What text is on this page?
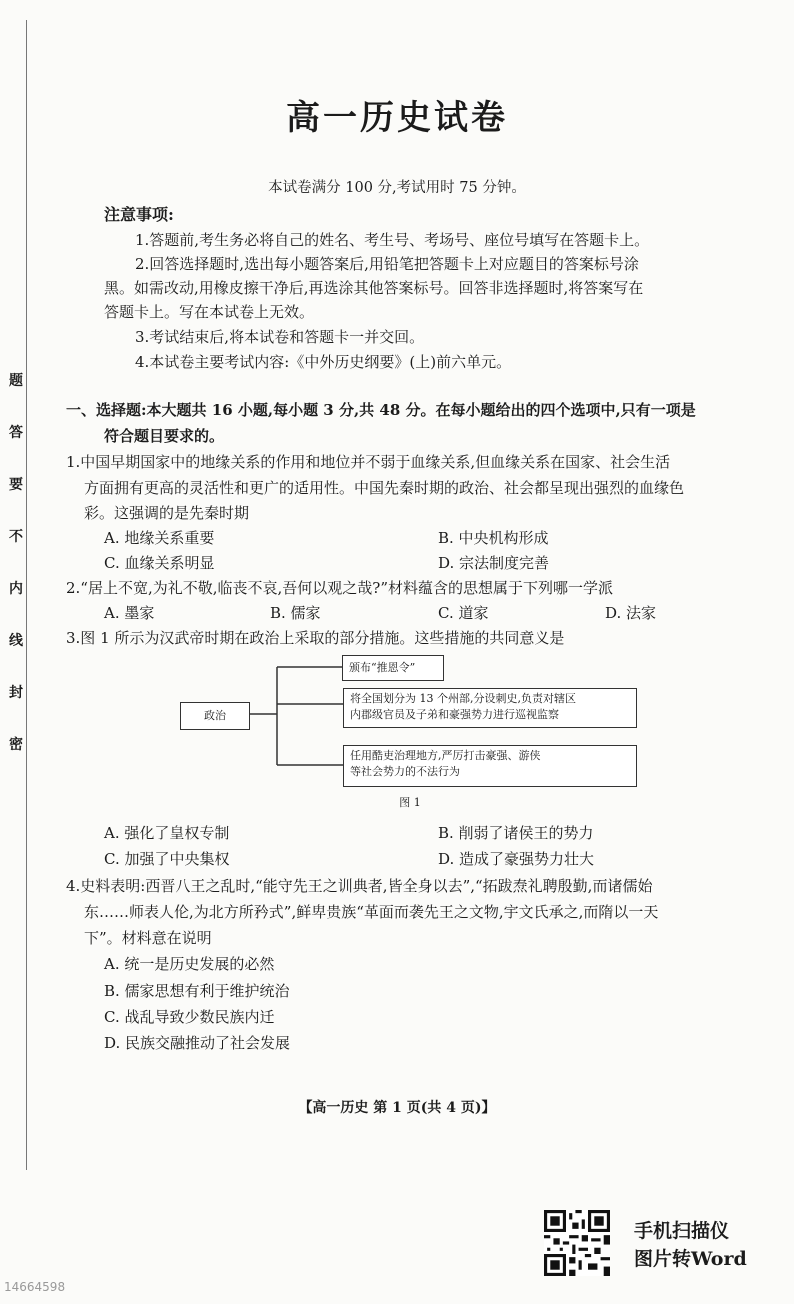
题
答
要
不
内
线
封
密
高一历史试卷
本试卷满分 100 分,考试用时 75 分钟。
注意事项:
1.答题前,考生务必将自己的姓名、考生号、考场号、座位号填写在答题卡上。
2.回答选择题时,选出每小题答案后,用铅笔把答题卡上对应题目的答案标号涂
黑。如需改动,用橡皮擦干净后,再选涂其他答案标号。回答非选择题时,将答案写在
答题卡上。写在本试卷上无效。
3.考试结束后,将本试卷和答题卡一并交回。
4.本试卷主要考试内容:《中外历史纲要》(上)前六单元。
一、选择题:本大题共 16 小题,每小题 3 分,共 48 分。在每小题给出的四个选项中,只有一项是
符合题目要求的。
1.中国早期国家中的地缘关系的作用和地位并不弱于血缘关系,但血缘关系在国家、社会生活
方面拥有更高的灵活性和更广的适用性。中国先秦时期的政治、社会都呈现出强烈的血缘色
彩。这强调的是先秦时期
A. 地缘关系重要	B. 中央机构形成
C. 血缘关系明显	D. 宗法制度完善
2.“居上不宽,为礼不敬,临丧不哀,吾何以观之哉?”材料蕴含的思想属于下列哪一学派
A. 墨家	B. 儒家	C. 道家	D. 法家
3.图 1 所示为汉武帝时期在政治上采取的部分措施。这些措施的共同意义是
政治
颁布“推恩令”
将全国划分为 13 个州部,分设刺史,负责对辖区
内郡级官员及子弟和豪强势力进行巡视监察
任用酷吏治理地方,严厉打击豪强、游侠
等社会势力的不法行为
图 1
A. 强化了皇权专制	B. 削弱了诸侯王的势力
C. 加强了中央集权	D. 造成了豪强势力壮大
4.史料表明:西晋八王之乱时,“能守先王之训典者,皆全身以去”,“拓跋焘礼聘殷勤,而诸儒始
东……师表人伦,为北方所矜式”,鲜卑贵族“革面而袭先王之文物,宇文氏承之,而隋以一天
下”。材料意在说明
A. 统一是历史发展的必然
B. 儒家思想有利于维护统治
C. 战乱导致少数民族内迁
D. 民族交融推动了社会发展
【高一历史 第 1 页(共 4 页)】
手机扫描仪
图片转Word
14664598
